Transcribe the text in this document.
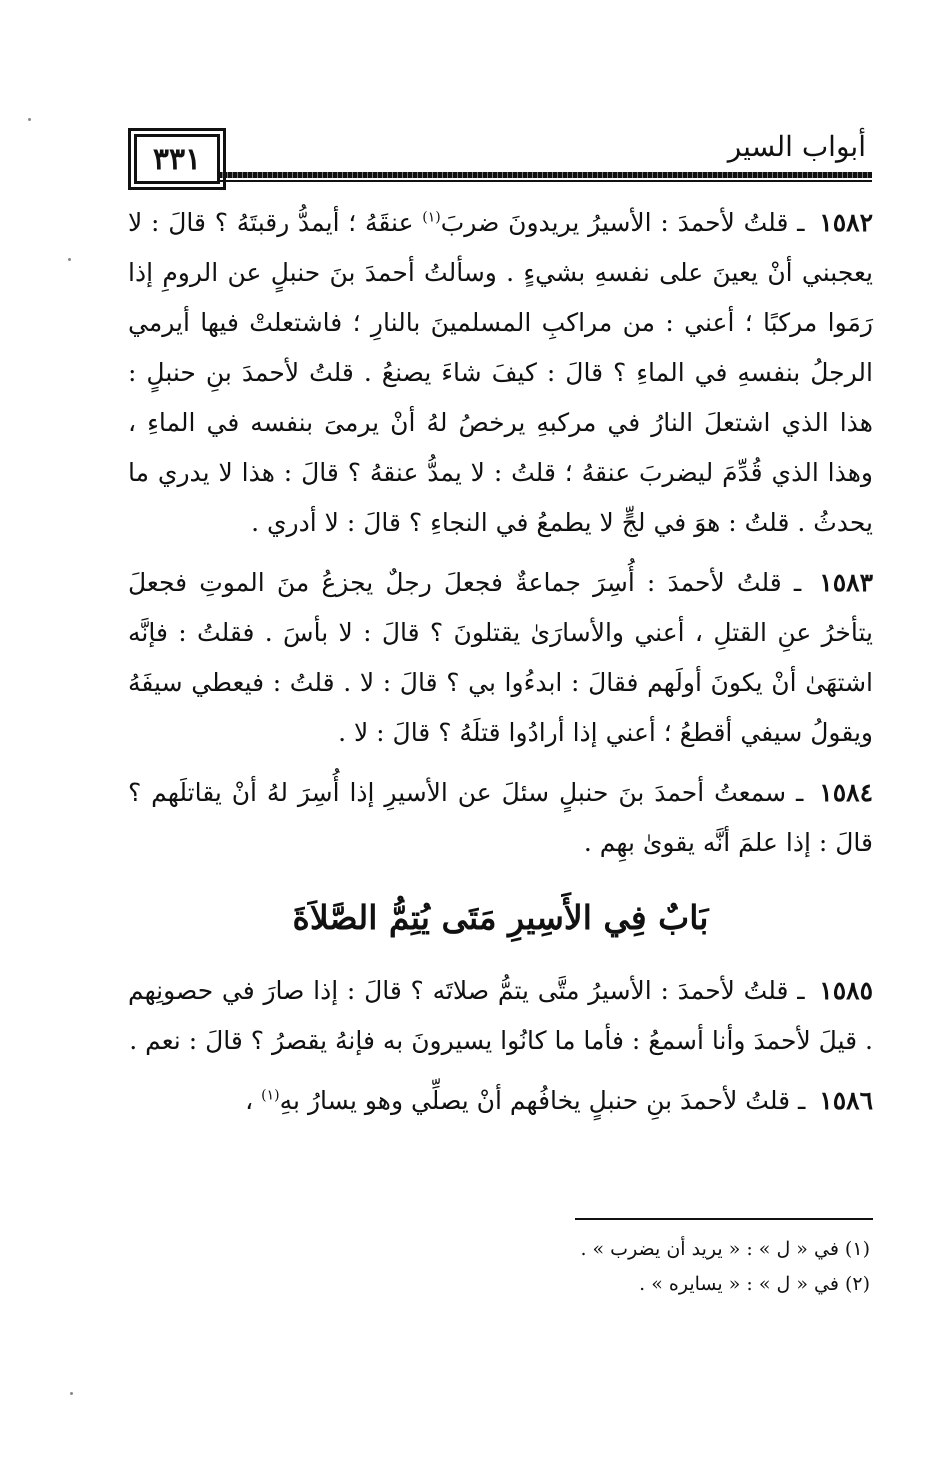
٣٣١	أبواب السير

١٥٨٢ ـ قلتُ لأحمدَ : الأسيرُ يريدونَ ضربَ$^{(١)}$ عنقَهُ ؛ أيمدُّ رقبتَهُ ؟ قالَ : لا يعجبني أنْ يعينَ على نفسهِ بشيءٍ . وسألتُ أحمدَ بنَ حنبلٍ عن الرومِ إذا رَمَوا مركبًا ؛ أعني : من مراكبِ المسلمينَ بالنارِ ؛ فاشتعلتْ فيها أيرمي الرجلُ بنفسهِ في الماءِ ؟ قالَ : كيفَ شاءَ يصنعُ . قلتُ لأحمدَ بنِ حنبلٍ : هذا الذي اشتعلَ النارُ في مركبهِ يرخصُ لهُ أنْ يرمىَ بنفسه في الماءِ ، وهذا الذي قُدِّمَ ليضربَ عنقهُ ؛ قلتُ : لا يمدُّ عنقهُ ؟ قالَ : هذا لا يدري ما يحدثُ . قلتُ : هوَ في لجٍّ لا يطمعُ في النجاءِ ؟ قالَ : لا أدري .

١٥٨٣ ـ قلتُ لأحمدَ : أُسِرَ جماعةٌ فجعلَ رجلٌ يجزعُ منَ الموتِ فجعلَ يتأخرُ عنِ القتلِ ، أعني والأسارَىٰ يقتلونَ ؟ قالَ : لا بأسَ . فقلتُ : فإنَّه اشتهَىٰ أنْ يكونَ أولَهم فقالَ : ابدءُوا بي ؟ قالَ : لا . قلتُ : فيعطي سيفَهُ ويقولُ سيفي أقطعُ ؛ أعني إذا أرادُوا قتلَهُ ؟ قالَ : لا .

١٥٨٤ ـ سمعتُ أحمدَ بنَ حنبلٍ سئلَ عن الأسيرِ إذا أُسِرَ لهُ أنْ يقاتلَهم ؟ قالَ : إذا علمَ أنَّه يقوىٰ بهِم .

بَابٌ فِي الأَسِيرِ مَتَى يُتِمُّ الصَّلاَةَ

١٥٨٥ ـ قلتُ لأحمدَ : الأسيرُ متَّى يتمُّ صلاتَه ؟ قالَ : إذا صارَ في حصونِهم . قيلَ لأحمدَ وأنا أسمعُ : فأما ما كانُوا يسيرونَ به فإنهُ يقصرُ ؟ قالَ : نعم .

١٥٨٦ ـ قلتُ لأحمدَ بنِ حنبلٍ يخافُهم أنْ يصلِّي وهو يسارُ بهِ$^{(١)}$ ،

(١) في « ل » : « يريد أن يضرب » .

(٢) في « ل » : « يسايره » .
